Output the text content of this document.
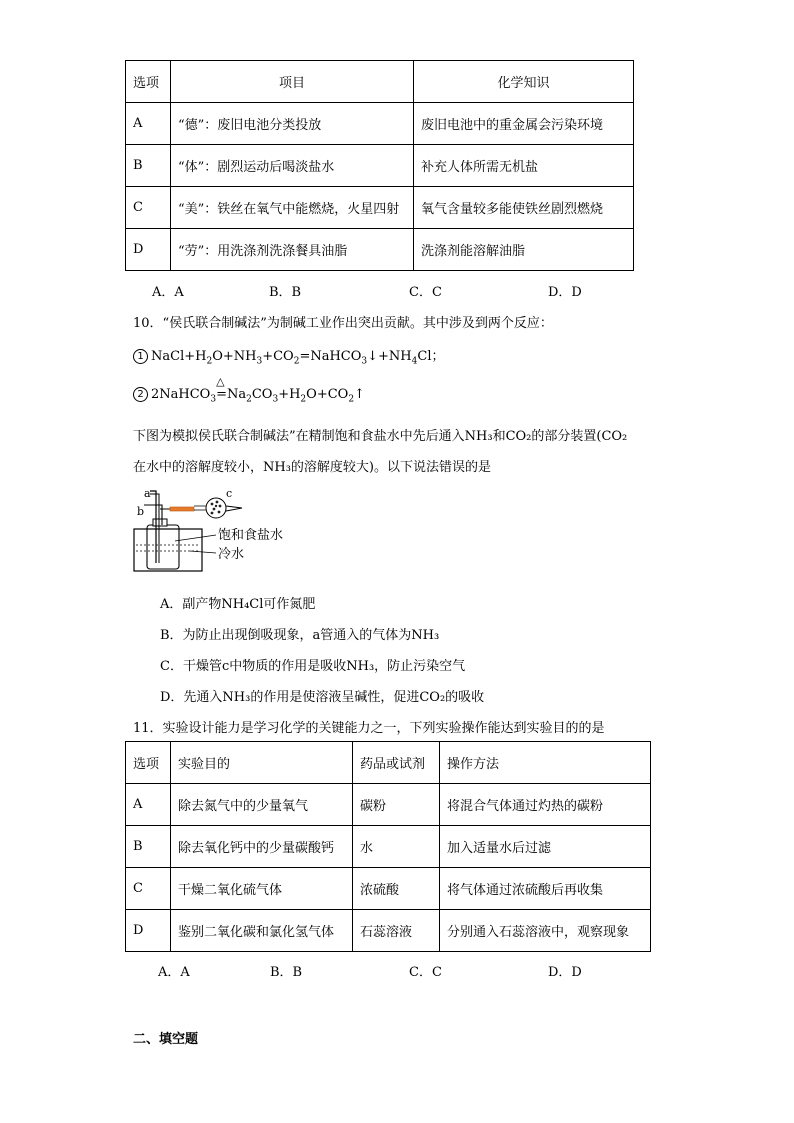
选项	项目	化学知识
A	“德”：废旧电池分类投放	废旧电池中的重金属会污染环境
B	“体”：剧烈运动后喝淡盐水	补充人体所需无机盐
C	“美”：铁丝在氧气中能燃烧，火星四射	氧气含量较多能使铁丝剧烈燃烧
D	“劳”：用洗涤剂洗涤餐具油脂	洗涤剂能溶解油脂
A．A	B．B	C．C	D．D
10．“侯氏联合制碱法”为制碱工业作出突出贡献。其中涉及到两个反应：
1 $NaCl+H_2O+NH_3+CO_2=NaHCO_3↓+NH_4Cl$；
2 2NaHCO$_3$
△
$=Na_2CO_3+H_2O+CO_2↑$
下图为模拟侯氏联合制碱法”在精制饱和食盐水中先后通入NH₃和CO₂的部分装置(CO₂
在水中的溶解度较小，NH₃的溶解度较大)。以下说法错误的是
a
b
c
饱和食盐水
冷水
A．副产物NH₄Cl可作氮肥
B．为防止出现倒吸现象，a管通入的气体为NH₃
C．干燥管c中物质的作用是吸收NH₃，防止污染空气
D．先通入NH₃的作用是使溶液呈碱性，促进CO₂的吸收
11．实验设计能力是学习化学的关键能力之一，下列实验操作能达到实验目的的是
选项	实验目的	药品或试剂	操作方法
A	除去氮气中的少量氧气	碳粉	将混合气体通过灼热的碳粉
B	除去氧化钙中的少量碳酸钙	水	加入适量水后过滤
C	干燥二氧化硫气体	浓硫酸	将气体通过浓硫酸后再收集
D	鉴别二氧化碳和氯化氢气体	石蕊溶液	分别通入石蕊溶液中，观察现象
A．A	B．B	C．C	D．D
二、填空题
